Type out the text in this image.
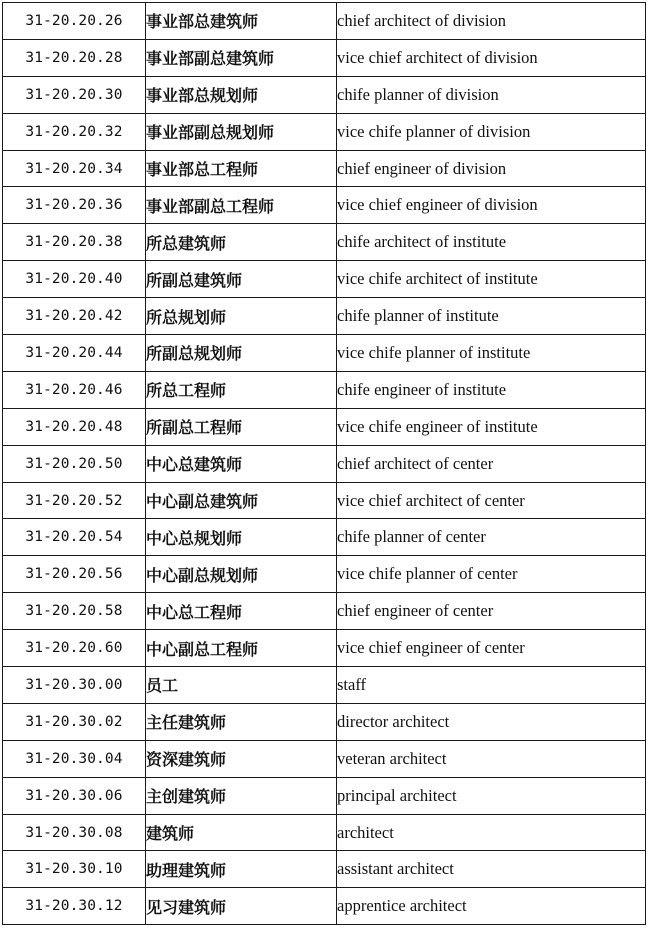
31-20.20.26	事业部总建筑师	chief architect of division
31-20.20.28	事业部副总建筑师	vice chief architect of division
31-20.20.30	事业部总规划师	chife planner of division
31-20.20.32	事业部副总规划师	vice chife planner of division
31-20.20.34	事业部总工程师	chief engineer of division
31-20.20.36	事业部副总工程师	vice chief engineer of division
31-20.20.38	所总建筑师	chife architect of institute
31-20.20.40	所副总建筑师	vice chife architect of institute
31-20.20.42	所总规划师	chife planner of institute
31-20.20.44	所副总规划师	vice chife planner of institute
31-20.20.46	所总工程师	chife engineer of institute
31-20.20.48	所副总工程师	vice chife engineer of institute
31-20.20.50	中心总建筑师	chief architect of center
31-20.20.52	中心副总建筑师	vice chief architect of center
31-20.20.54	中心总规划师	chife planner of center
31-20.20.56	中心副总规划师	vice chife planner of center
31-20.20.58	中心总工程师	chief engineer of center
31-20.20.60	中心副总工程师	vice chief engineer of center
31-20.30.00	员工	staff
31-20.30.02	主任建筑师	director architect
31-20.30.04	资深建筑师	veteran architect
31-20.30.06	主创建筑师	principal architect
31-20.30.08	建筑师	architect
31-20.30.10	助理建筑师	assistant architect
31-20.30.12	见习建筑师	apprentice architect
